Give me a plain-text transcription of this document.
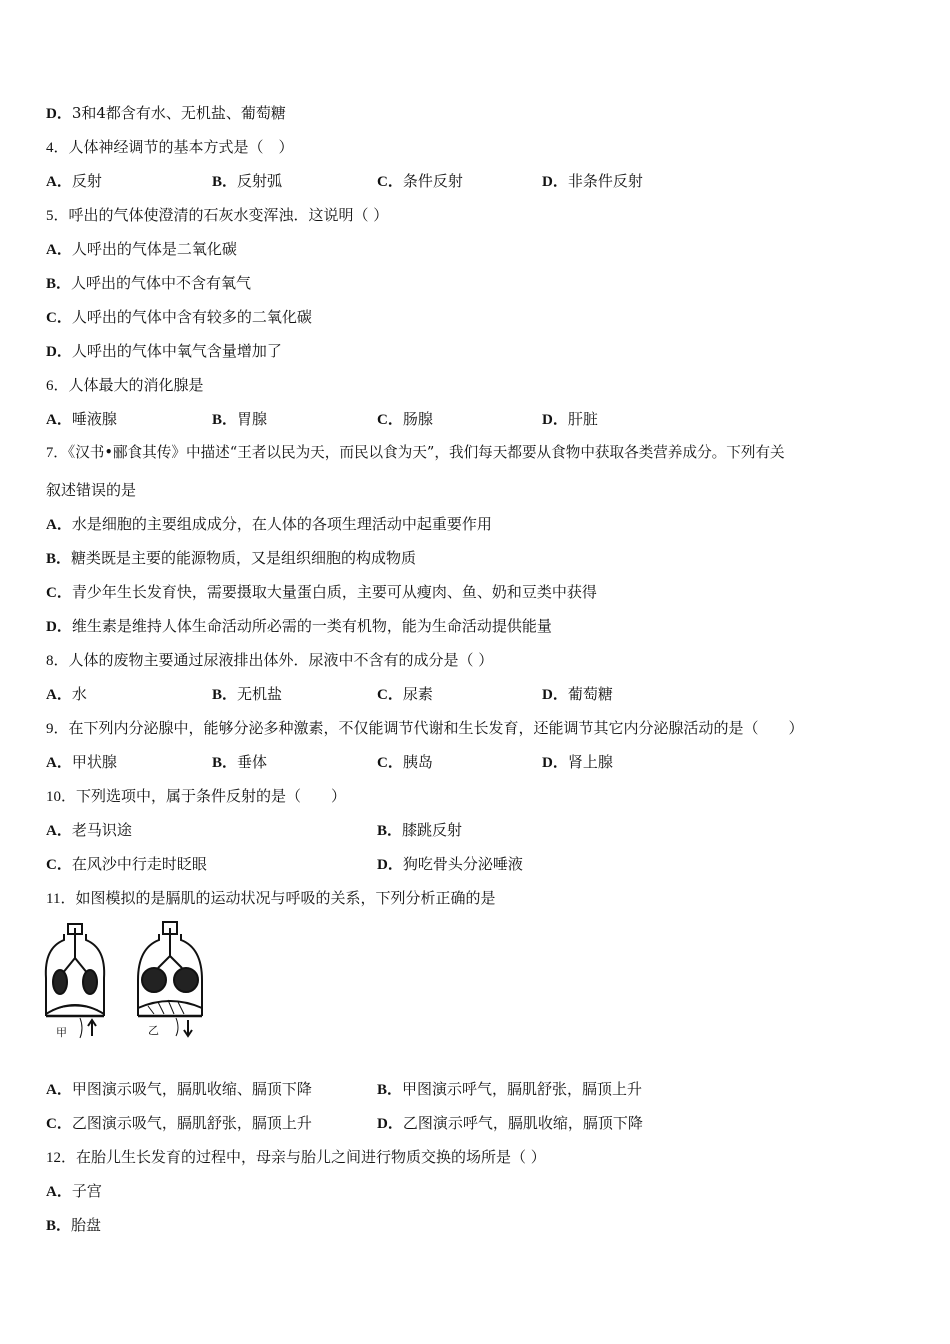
D．3和4都含有水、无机盐、葡萄糖
4．人体神经调节的基本方式是（　）
A．反射	B．反射弧	C．条件反射	D．非条件反射
5．呼出的气体使澄清的石灰水变浑浊．这说明（ ）
A．人呼出的气体是二氧化碳
B．人呼出的气体中不含有氧气
C．人呼出的气体中含有较多的二氧化碳
D．人呼出的气体中氧气含量增加了
6．人体最大的消化腺是
A．唾液腺	B．胃腺	C．肠腺	D．肝脏
7．《汉书•郦食其传》中描述“王者以民为天，而民以食为天”，我们每天都要从食物中获取各类营养成分。下列有关
叙述错误的是
A．水是细胞的主要组成成分，在人体的各项生理活动中起重要作用
B．糖类既是主要的能源物质，又是组织细胞的构成物质
C．青少年生长发育快，需要摄取大量蛋白质，主要可从瘦肉、鱼、奶和豆类中获得
D．维生素是维持人体生命活动所必需的一类有机物，能为生命活动提供能量
8．人体的废物主要通过尿液排出体外．尿液中不含有的成分是（ ）
A．水	B．无机盐	C．尿素	D．葡萄糖
9．在下列内分泌腺中，能够分泌多种激素，不仅能调节代谢和生长发育，还能调节其它内分泌腺活动的是（　　）
A．甲状腺	B．垂体	C．胰岛	D．肾上腺
10．下列选项中，属于条件反射的是（　　）
A．老马识途	B．膝跳反射
C．在风沙中行走时眨眼	D．狗吃骨头分泌唾液
11．如图模拟的是膈肌的运动状况与呼吸的关系，下列分析正确的是
甲	乙
A．甲图演示吸气，膈肌收缩、膈顶下降	B．甲图演示呼气，膈肌舒张，膈顶上升
C．乙图演示吸气，膈肌舒张，膈顶上升	D．乙图演示呼气，膈肌收缩，膈顶下降
12．在胎儿生长发育的过程中，母亲与胎儿之间进行物质交换的场所是（ ）
A．子宫
B．胎盘
